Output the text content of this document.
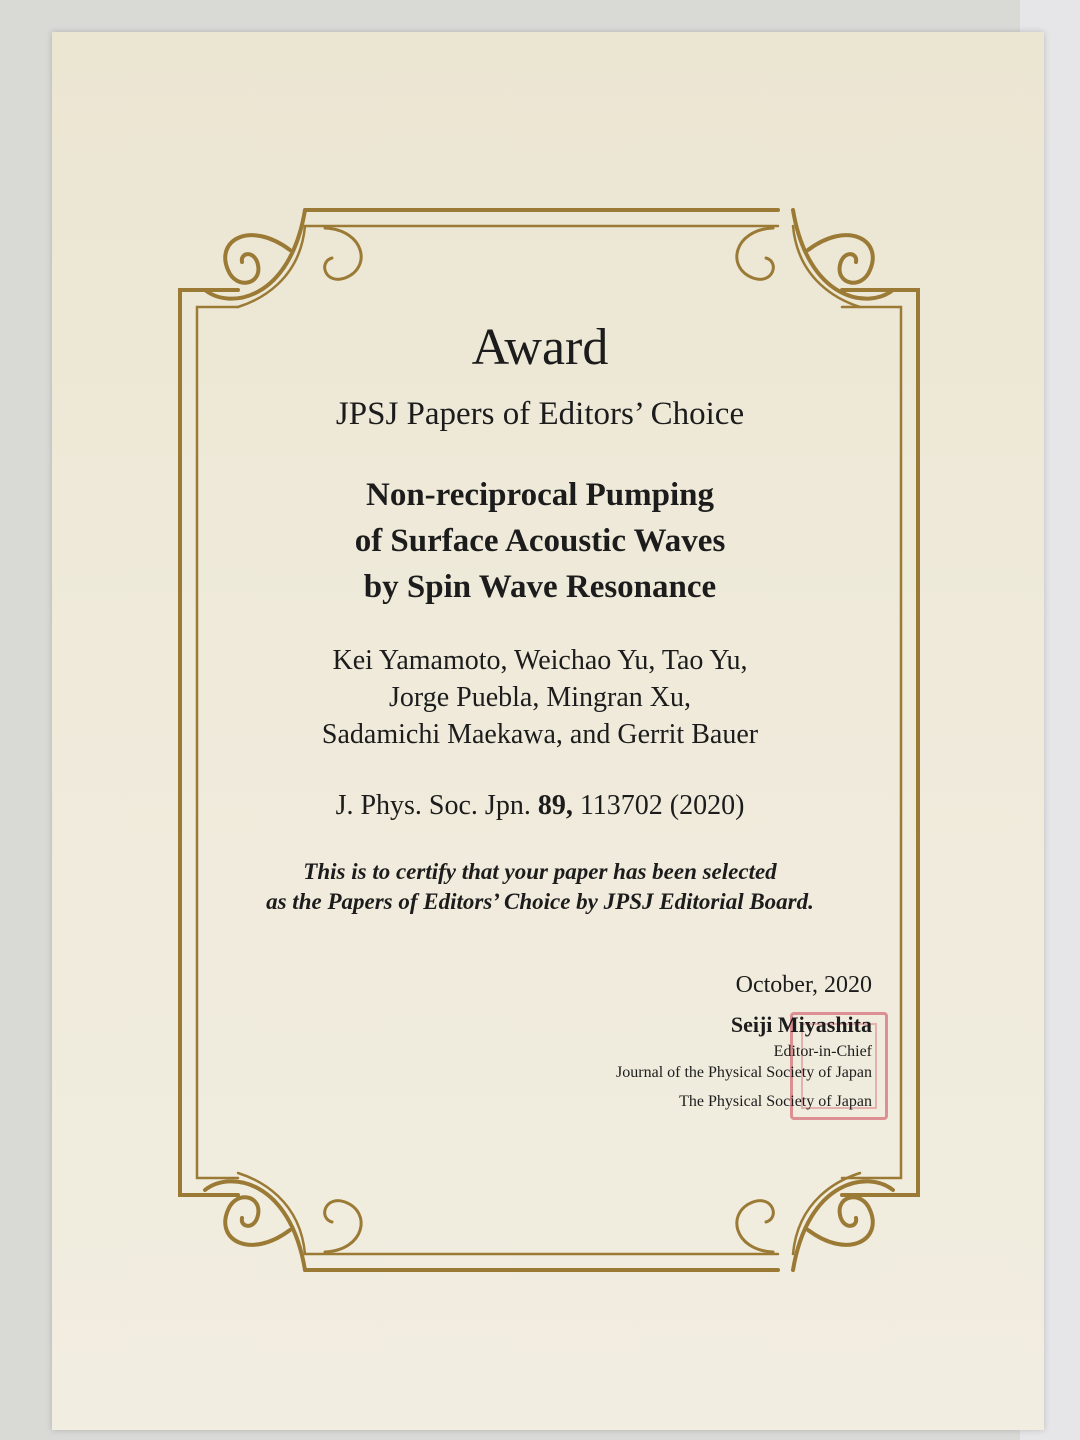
Award

JPSJ Papers of Editors’ Choice

Non-reciprocal Pumping
of Surface Acoustic Waves
by Spin Wave Resonance

Kei Yamamoto, Weichao Yu, Tao Yu,
Jorge Puebla, Mingran Xu,
Sadamichi Maekawa, and Gerrit Bauer

J. Phys. Soc. Jpn. 89, 113702 (2020)

This is to certify that your paper has been selected
as the Papers of Editors’ Choice by JPSJ Editorial Board.

October, 2020

Seiji Miyashita

Editor-in-Chief

Journal of the Physical Society of Japan

The Physical Society of Japan
